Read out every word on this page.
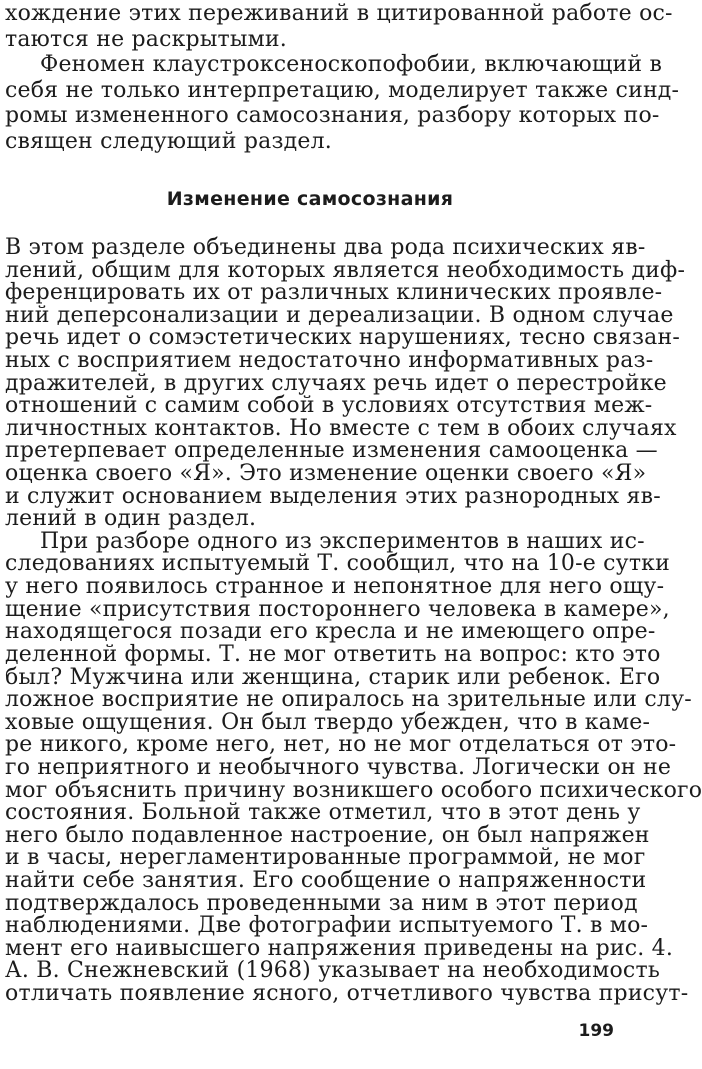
хождение этих переживаний в цитированной работе ос-
таются не раскрытыми.
Феномен клаустроксеноскопофобии, включающий в
себя не только интерпретацию, моделирует также синд-
ромы измененного самосознания, разбору которых по-
священ следующий раздел.
Изменение самосознания
В этом разделе объединены два рода психических яв-
лений, общим для которых является необходимость диф-
ференцировать их от различных клинических проявле-
ний деперсонализации и дереализации. В одном случае
речь идет о сомэстетических нарушениях, тесно связан-
ных с восприятием недостаточно информативных раз-
дражителей, в других случаях речь идет о перестройке
отношений с самим собой в условиях отсутствия меж-
личностных контактов. Но вместе с тем в обоих случаях
претерпевает определенные изменения самооценка —
оценка своего «Я». Это изменение оценки своего «Я»
и служит основанием выделения этих разнородных яв-
лений в один раздел.
При разборе одного из экспериментов в наших ис-
следованиях испытуемый Т. сообщил, что на 10-е сутки
у него появилось странное и непонятное для него ощу-
щение «присутствия постороннего человека в камере»,
находящегося позади его кресла и не имеющего опре-
деленной формы. Т. не мог ответить на вопрос: кто это
был? Мужчина или женщина, старик или ребенок. Его
ложное восприятие не опиралось на зрительные или слу-
ховые ощущения. Он был твердо убежден, что в каме-
ре никого, кроме него, нет, но не мог отделаться от это-
го неприятного и необычного чувства. Логически он не
мог объяснить причину возникшего особого психического
состояния. Больной также отметил, что в этот день у
него было подавленное настроение, он был напряжен
и в часы, нерегламентированные программой, не мог
найти себе занятия. Его сообщение о напряженности
подтверждалось проведенными за ним в этот период
наблюдениями. Две фотографии испытуемого Т. в мо-
мент его наивысшего напряжения приведены на рис. 4.
А. В. Снежневский (1968) указывает на необходимость
отличать появление ясного, отчетливого чувства присут-
199
